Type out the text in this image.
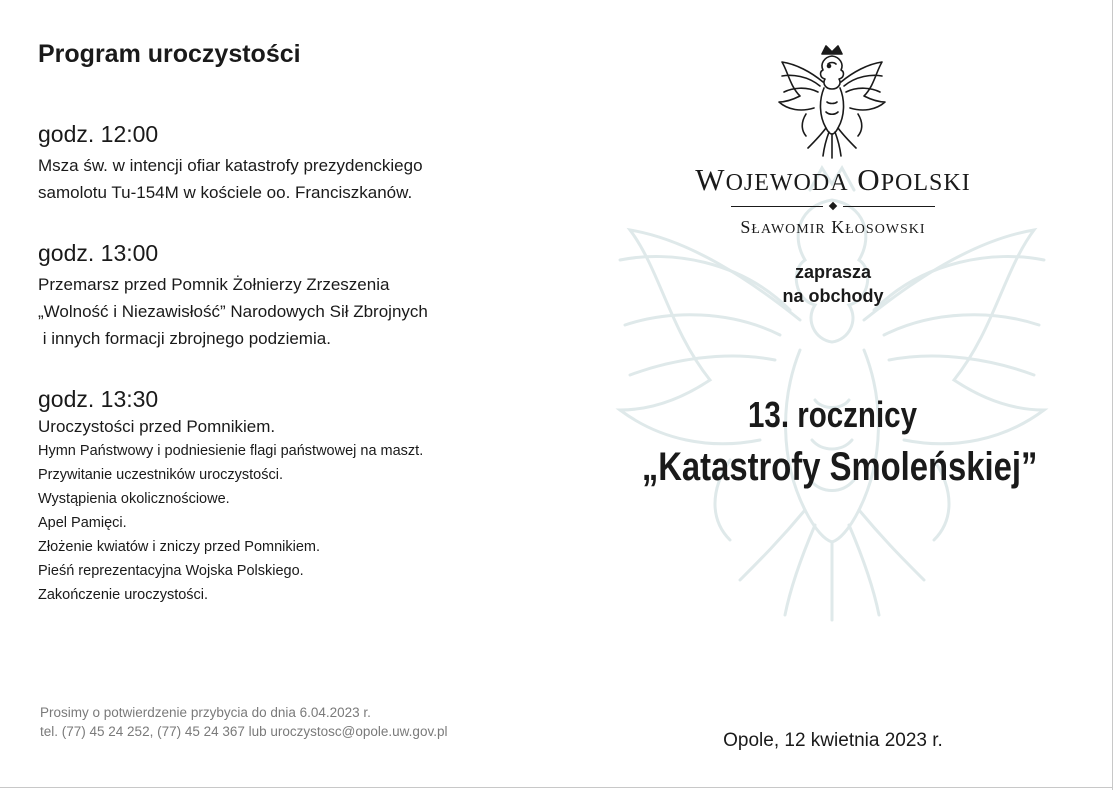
Program uroczystości
godz. 12:00
Msza św. w intencji ofiar katastrofy prezydenckiego
samolotu Tu-154M w kościele oo. Franciszkanów.
godz. 13:00
Przemarsz przed Pomnik Żołnierzy Zrzeszenia
„Wolność i Niezawisłość” Narodowych Sił Zbrojnych
i innych formacji zbrojnego podziemia.
godz. 13:30
Uroczystości przed Pomnikiem.
Hymn Państwowy i podniesienie flagi państwowej na maszt.
Przywitanie uczestników uroczystości.
Wystąpienia okolicznościowe.
Apel Pamięci.
Złożenie kwiatów i zniczy przed Pomnikiem.
Pieśń reprezentacyjna Wojska Polskiego.
Zakończenie uroczystości.
Prosimy o potwierdzenie przybycia do dnia 6.04.2023 r.
tel. (77) 45 24 252, (77) 45 24 367 lub uroczystosc@opole.uw.gov.pl
WOJEWODA OPOLSKI
SŁAWOMIR KŁOSOWSKI
zaprasza
na obchody
13. rocznicy
„Katastrofy Smoleńskiej”
Opole, 12 kwietnia 2023 r.
